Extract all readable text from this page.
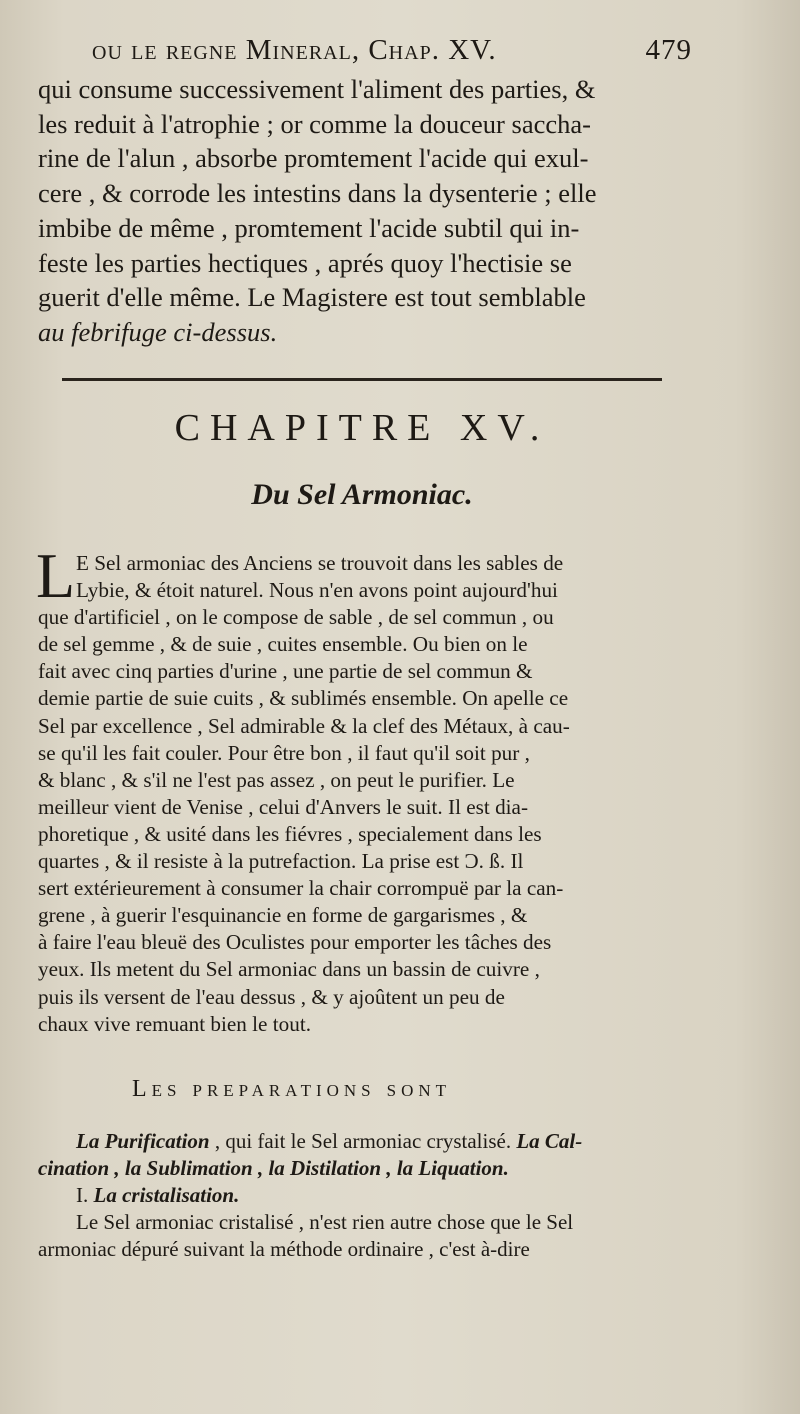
ou le regne Mineral, Chap. XV.	479
qui consume successivement l'aliment des parties, &
les reduit à l'atrophie ; or comme la douceur saccha-
rine de l'alun , absorbe promtement l'acide qui exul-
cere , & corrode les intestins dans la dysenterie ; elle
imbibe de même , promtement l'acide subtil qui in-
feste les parties hectiques , aprés quoy l'hectisie se
guerit d'elle même. Le Magistere est tout semblable
au febrifuge ci-dessus.
CHAPITRE XV.
Du Sel Armoniac.
L E Sel armoniac des Anciens se trouvoit dans les sables de
Lybie, & étoit naturel. Nous n'en avons point aujourd'hui
que d'artificiel , on le compose de sable , de sel commun , ou
de sel gemme , & de suie , cuites ensemble. Ou bien on le
fait avec cinq parties d'urine , une partie de sel commun &
demie partie de suie cuits , & sublimés ensemble. On apelle ce
Sel par excellence , Sel admirable & la clef des Métaux, à cau-
se qu'il les fait couler. Pour être bon , il faut qu'il soit pur ,
& blanc , & s'il ne l'est pas assez , on peut le purifier. Le
meilleur vient de Venise , celui d'Anvers le suit. Il est dia-
phoretique , & usité dans les fiévres , specialement dans les
quartes , & il resiste à la putrefaction. La prise est Ɔ. ß. Il
sert extérieurement à consumer la chair corrompuë par la can-
grene , à guerir l'esquinancie en forme de gargarismes , &
à faire l'eau bleuë des Oculistes pour emporter les tâches des
yeux. Ils metent du Sel armoniac dans un bassin de cuivre ,
puis ils versent de l'eau dessus , & y ajoûtent un peu de
chaux vive remuant bien le tout.
Les preparations sont
La Purification , qui fait le Sel armoniac crystalisé. La Cal-
cination , la Sublimation , la Distilation , la Liquation.
I. La cristalisation.
Le Sel armoniac cristalisé , n'est rien autre chose que le Sel
armoniac dépuré suivant la méthode ordinaire , c'est à-dire
